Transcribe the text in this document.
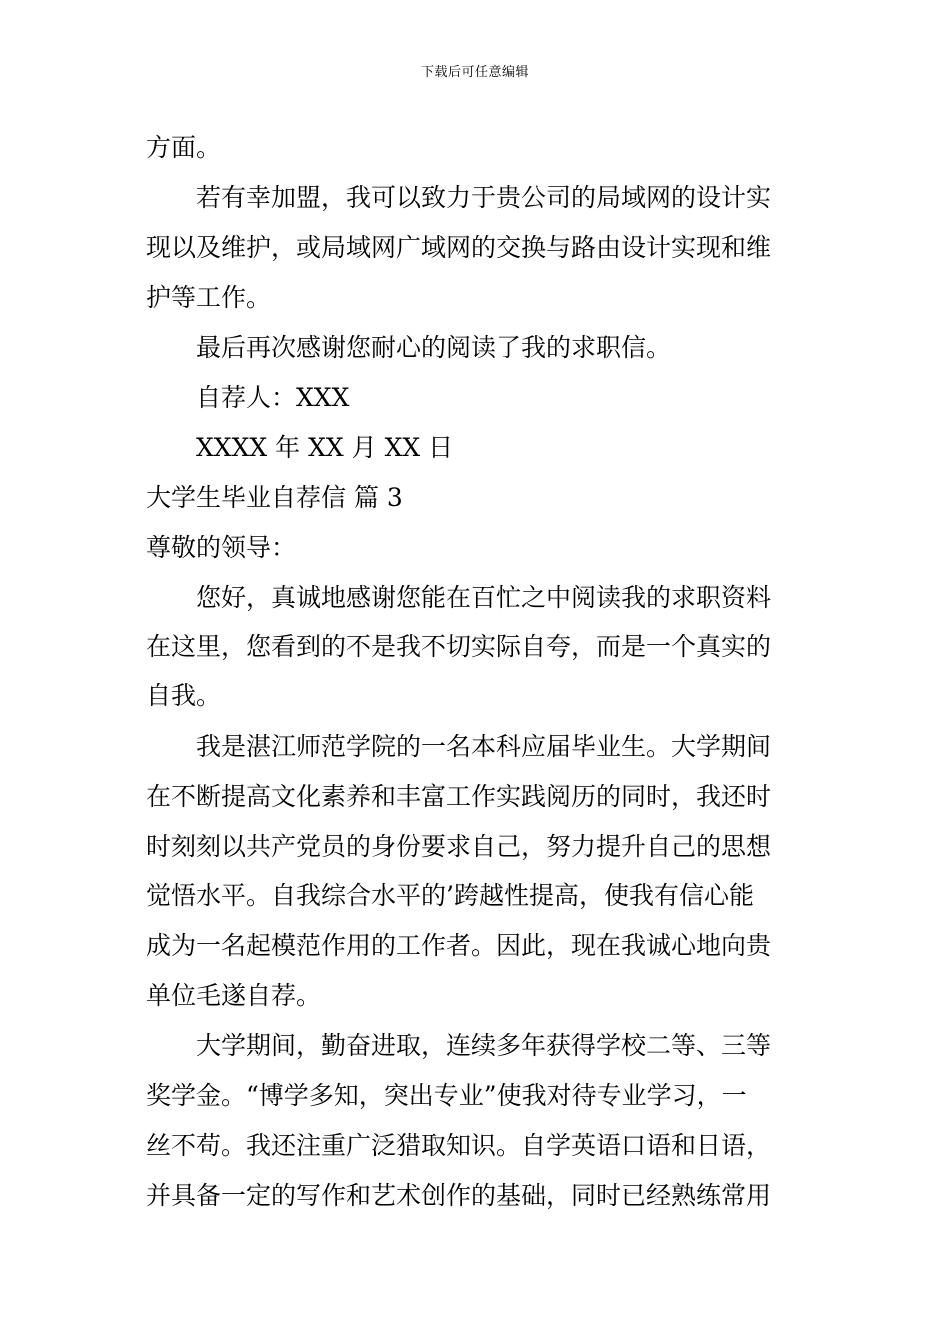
下载后可任意编辑
方面。
若有幸加盟，我可以致力于贵公司的局域网的设计实
现以及维护，或局域网广域网的交换与路由设计实现和维
护等工作。
最后再次感谢您耐心的阅读了我的求职信。
自荐人：XXX
XXXX 年 XX 月 XX 日
大学生毕业自荐信 篇 3
尊敬的领导：
您好，真诚地感谢您能在百忙之中阅读我的求职资料
在这里，您看到的不是我不切实际自夸，而是一个真实的
自我。
我是湛江师范学院的一名本科应届毕业生。大学期间
在不断提高文化素养和丰富工作实践阅历的同时，我还时
时刻刻以共产党员的身份要求自己，努力提升自己的思想
觉悟水平。自我综合水平的’跨越性提高，使我有信心能
成为一名起模范作用的工作者。因此，现在我诚心地向贵
单位毛遂自荐。
大学期间，勤奋进取，连续多年获得学校二等、三等
奖学金。“博学多知，突出专业”使我对待专业学习，一
丝不苟。我还注重广泛猎取知识。自学英语口语和日语，
并具备一定的写作和艺术创作的基础，同时已经熟练常用
